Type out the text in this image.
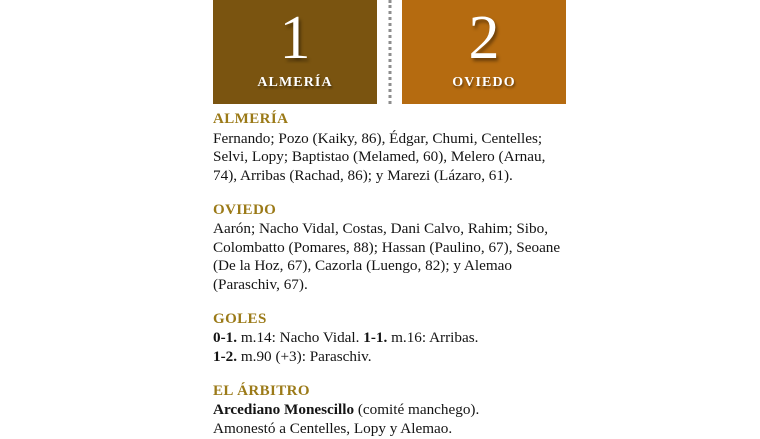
1
ALMERÍA
2
OVIEDO
ALMERÍA

Fernando; Pozo (Kaiky, 86), Édgar, Chumi, Centelles; Selvi, Lopy; Baptistao (Melamed, 60), Melero (Arnau, 74), Arribas (Rachad, 86); y Marezi (Lázaro, 61).

OVIEDO

Aarón; Nacho Vidal, Costas, Dani Calvo, Rahim; Sibo, Colombatto (Pomares, 88); Hassan (Paulino, 67), Seoane (De la Hoz, 67), Cazorla (Luengo, 82); y Alemao (Paraschiv, 67).

GOLES

0-1. m.14: Nacho Vidal. 1-1. m.16: Arribas.

1-2. m.90 (+3): Paraschiv.

EL ÁRBITRO

Arcediano Monescillo (comité manchego).

Amonestó a Centelles, Lopy y Alemao.
